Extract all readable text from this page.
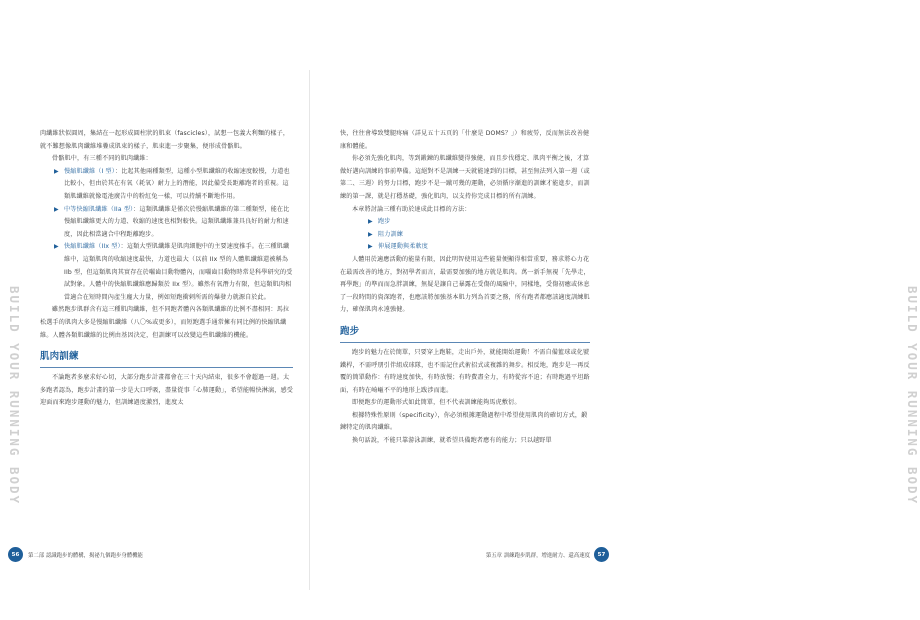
BUILD YOUR RUNNING BODY

肉纖維狀似圓周，集結在一起形成圓柱狀的肌束（fascicles），試想一包義大利麵的樣子，就不難想像肌肉纖維堆疊成肌束的樣子，肌束進一步聚集，便形成骨骼肌。

骨骼肌中，有三種不同的肌肉纖維：

▶ 慢縮肌纖維（I 型）：比起其他兩種類型，這種小型肌纖維的收縮速度較慢，力道也比較小，但由於其在有氧（耗氧）耐力上的潛能，因此備受長距離跑者的重視。這類肌纖維就像電池廣告中的粉紅兔一樣，可以持續不斷地作用。
▶ 中等快縮肌纖維（IIa 型）：這類肌纖維是僅次於慢縮肌纖維的第二種類型，能在比慢縮肌纖維更大的力道、收縮的速度也相對較快。這類肌纖維兼具良好的耐力和速度，因此相當適合中程距離跑步。
▶ 快縮肌纖維（IIx 型）：這類大型肌纖維是肌肉細胞中的主要速度推手。在三種肌纖維中，這類肌肉的收縮速度最快，力道也最大（以前 IIx 型的人體肌纖維還被稱為 IIb 型，但這類肌肉其實存在於囓齒目動物體內，而囓齒目動物時常是科學研究的受試對象。人體中的快縮肌纖維應歸類於 IIx 型）。雖然有氧潛力有限，但這類肌肉相當適合在短時間內產生龐大力量，例如短跑衝刺所需的爆發力就源自於此。

雖然跑步肌群含有這三種肌肉纖維，但不同跑者體內各類肌纖維的比例不盡相同：馬拉松選手的肌肉大多是慢縮肌纖維（八〇%或更多），而短跑選手通常擁有同比例的快縮肌纖維。人體各類肌纖維的比例由基因決定，但訓練可以改變這些肌纖維的機能。

肌肉訓練

不論跑者多麼求好心切，大部分跑步計畫都會在三十天內結束，很多不會超過一週。太多跑者認為，跑步計畫的第一步是大口呼吸，盡量從事「心肺運動」，希望能暢快淋漓，感受迎面而來跑步運動的魅力，但訓練過度激烈，進度太

56	第二部 認識跑步的體構，揭祕九個跑步身體機能

快，往往會導致雙腿疼痛（詳見五十五頁的「什麼是 DOMS？」）和疲勞，反而無法改善健康和體能。

你必須先強化肌肉，等到鍛鍊的肌纖維變得強健，而且步伐穩定、肌肉平衡之後，才算做好邁向訓練的事前準備。這絕對不是訓練一天就能達到的目標，甚至無法列入第一週（或第二、三週）的努力目標，跑步不是一蹴可幾的運動，必須循序漸進的訓練才能進步，而訓練的第一課，就是打穩基礎，強化肌肉，以支持你完成目標的所有訓練。

本章將討論三種有助於達成此目標的方法：

▶ 跑步
▶ 阻力訓練
▶ 伸展運動與柔軟度

人體用於適應活動的能量有限，因此明智使用這些能量便顯得相當重要，務求將心力花在最需改善的地方，對初學者而言，最需要加強的地方就是肌肉。萬一新手無視「先學走，再學跑」的準而而急胖訓練，無疑是讓自己暴露在受傷的風險中，同樣地，受傷初癒或休息了一段時間的資深跑者，也應該將加強基本肌力列為首要之務，所有跑者都應該適度訓練肌力，確保肌肉永遠強健。

跑步

跑步的魅力在於簡單，只要穿上跑鞋，走出戶外，就能開始運動！不需自備籃球或化號鐵桿，不需呼朋引伴組成球隊，也不需記住武術招式或複雜的舞步。相反地，跑步是一再反覆的簡單動作：有時速度加快，有時放慢；有時費盡全力，有時從容不迫；有時跑過平坦路面，有時在崎嶇不平的地形上跋涉而進。

即便跑步的運動形式如此簡單，但不代表訓練能夠馬虎敷衍。

根據特殊性原則（specificity），你必須根據運動過程中希望使用肌肉的確切方式，鍛鍊特定的肌肉纖維。

換句話說，不能只靠游泳訓練，就希望具備跑者應有的能力；只以越野單

第五章 訓練跑步肌群，增進耐力、還高速度	57
BUILD YOUR RUNNING BODY
